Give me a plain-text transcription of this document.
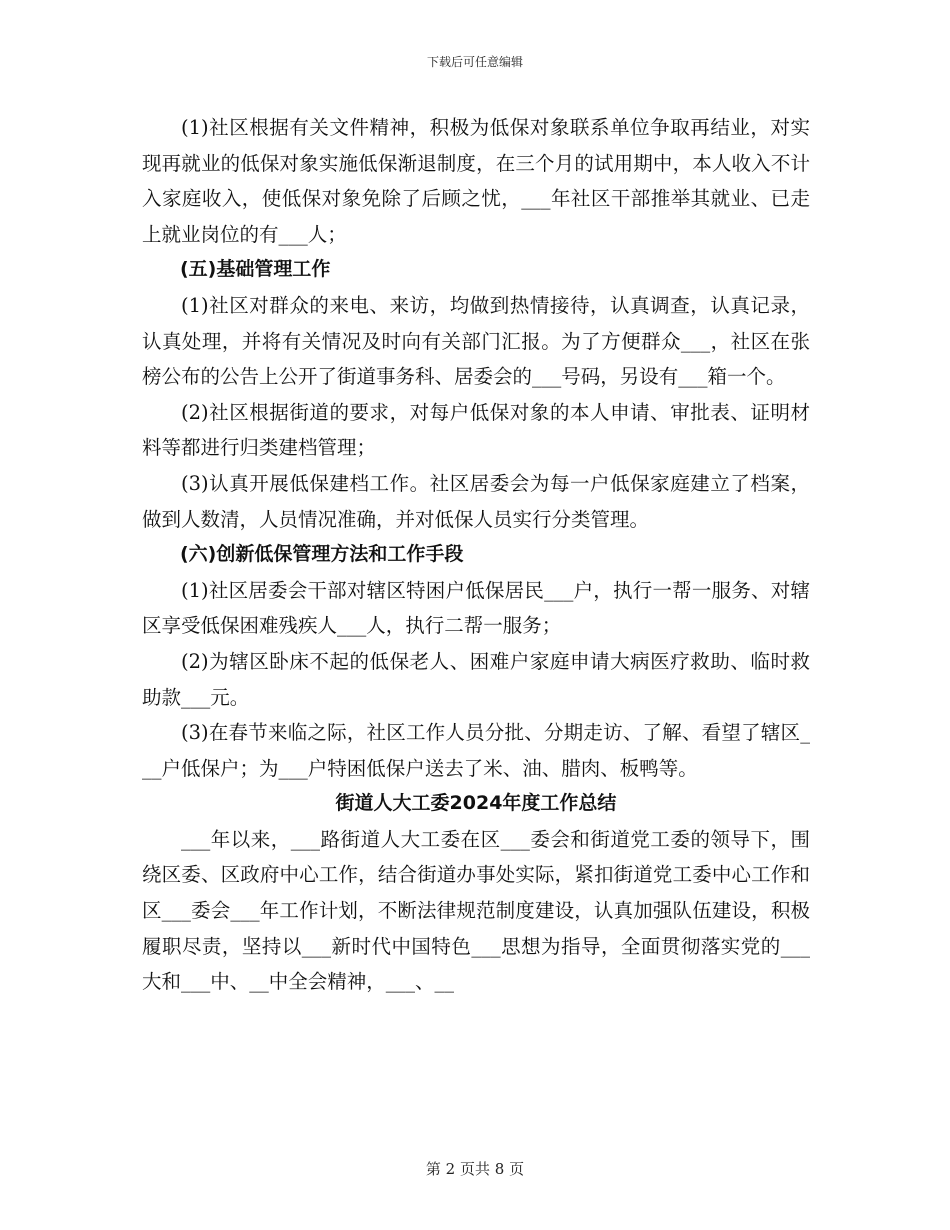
下载后可任意编辑

(1)社区根据有关文件精神，积极为低保对象联系单位争取再结业，对实现再就业的低保对象实施低保渐退制度，在三个月的试用期中，本人收入不计入家庭收入，使低保对象免除了后顾之忧，___年社区干部推举其就业、已走上就业岗位的有___人；

(五)基础管理工作

(1)社区对群众的来电、来访，均做到热情接待，认真调查，认真记录，认真处理，并将有关情况及时向有关部门汇报。为了方便群众___，社区在张榜公布的公告上公开了街道事务科、居委会的___号码，另设有___箱一个。

(2)社区根据街道的要求，对每户低保对象的本人申请、审批表、证明材料等都进行归类建档管理；

(3)认真开展低保建档工作。社区居委会为每一户低保家庭建立了档案，做到人数清，人员情况准确，并对低保人员实行分类管理。

(六)创新低保管理方法和工作手段

(1)社区居委会干部对辖区特困户低保居民___户，执行一帮一服务、对辖区享受低保困难残疾人___人，执行二帮一服务；

(2)为辖区卧床不起的低保老人、困难户家庭申请大病医疗救助、临时救助款___元。

(3)在春节来临之际，社区工作人员分批、分期走访、了解、看望了辖区___户低保户；为___户特困低保户送去了米、油、腊肉、板鸭等。

街道人大工委2024年度工作总结

___年以来，___路街道人大工委在区___委会和街道党工委的领导下，围绕区委、区政府中心工作，结合街道办事处实际，紧扣街道党工委中心工作和区___委会___年工作计划，不断法律规范制度建设，认真加强队伍建设，积极履职尽责，坚持以___新时代中国特色___思想为指导，全面贯彻落实党的___大和___中、__中全会精神，___、__

第 2 页共 8 页
